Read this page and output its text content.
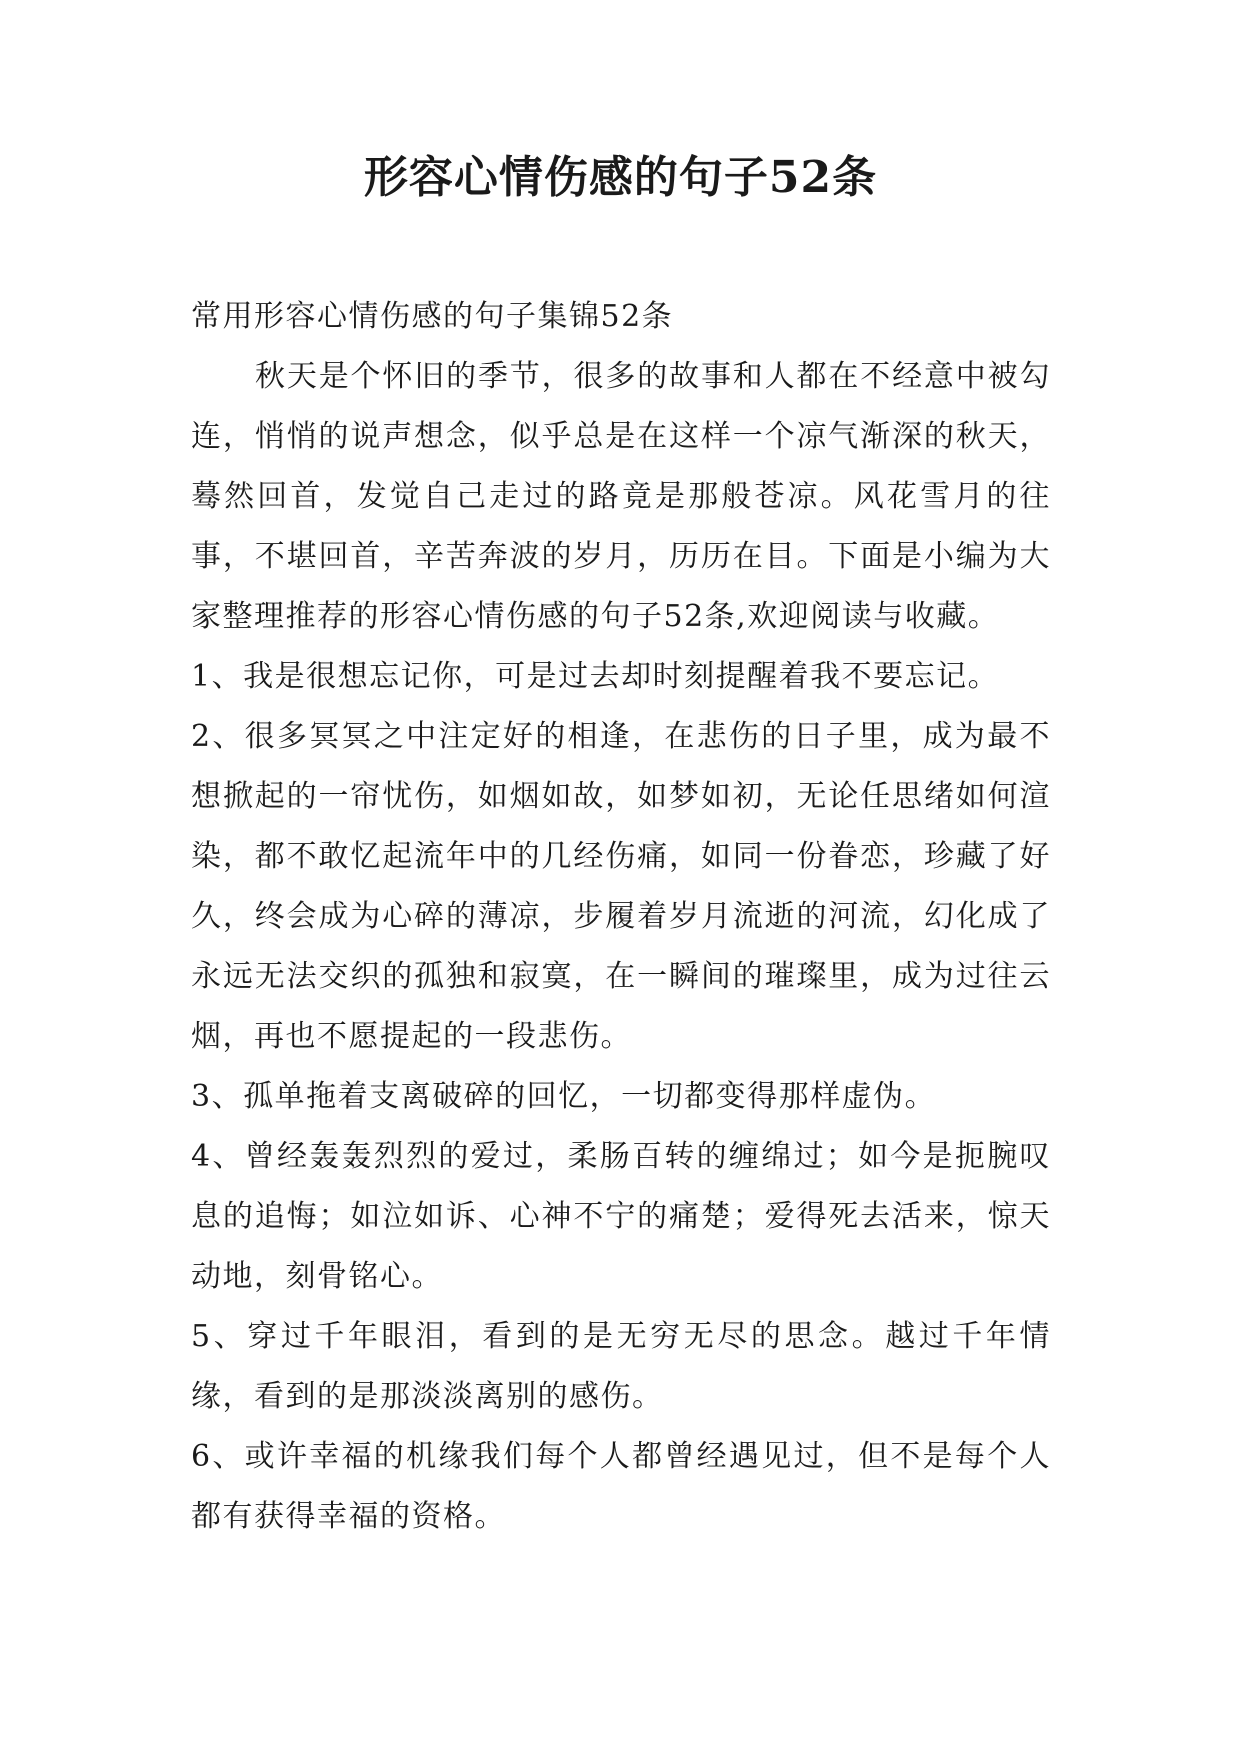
形容心情伤感的句子52条

常用形容心情伤感的句子集锦52条

秋天是个怀旧的季节，很多的故事和人都在不经意中被勾连，悄悄的说声想念，似乎总是在这样一个凉气渐深的秋天，蓦然回首，发觉自己走过的路竟是那般苍凉。风花雪月的往事，不堪回首，辛苦奔波的岁月，历历在目。下面是小编为大家整理推荐的形容心情伤感的句子52条,欢迎阅读与收藏。

1、我是很想忘记你，可是过去却时刻提醒着我不要忘记。

2、很多冥冥之中注定好的相逢，在悲伤的日子里，成为最不想掀起的一帘忧伤，如烟如故，如梦如初，无论任思绪如何渲染，都不敢忆起流年中的几经伤痛，如同一份眷恋，珍藏了好久，终会成为心碎的薄凉，步履着岁月流逝的河流，幻化成了永远无法交织的孤独和寂寞，在一瞬间的璀璨里，成为过往云烟，再也不愿提起的一段悲伤。

3、孤单拖着支离破碎的回忆，一切都变得那样虚伪。

4、曾经轰轰烈烈的爱过，柔肠百转的缠绵过；如今是扼腕叹息的追悔；如泣如诉、心神不宁的痛楚；爱得死去活来，惊天动地，刻骨铭心。

5、穿过千年眼泪，看到的是无穷无尽的思念。越过千年情缘，看到的是那淡淡离别的感伤。

6、或许幸福的机缘我们每个人都曾经遇见过，但不是每个人都有获得幸福的资格。
